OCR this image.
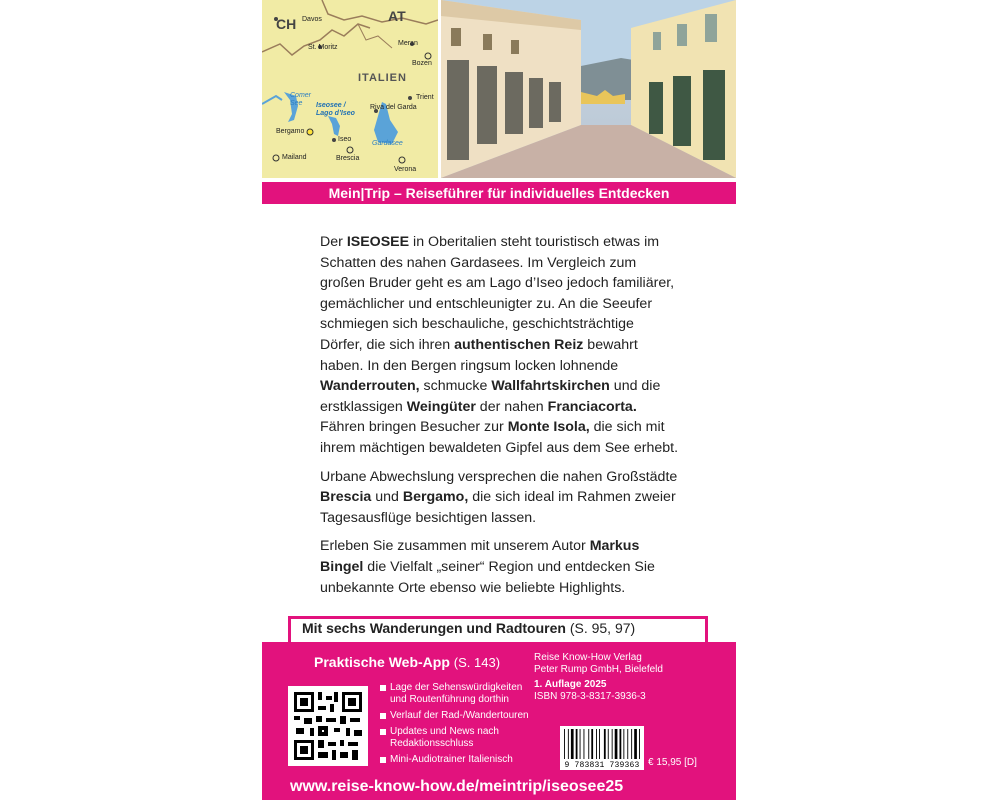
CH	AT
Davos
St. Moritz
Meran
Bozen
ITALIEN
Trient
Riva del Garda
Comer See	Iseosee /
Lago d’Iseo
Bergamo
Iseo
Gardasee
Brescia
Mailand
Verona
Mein|Trip – Reiseführer für individuelles Entdecken

Der ISEOSEE in Oberitalien steht touristisch etwas im Schatten des nahen Gardasees. Im Vergleich zum großen Bruder geht es am Lago d’Iseo jedoch familiärer, gemächlicher und entschleunigter zu. An die Seeufer schmiegen sich beschauliche, geschichtsträchtige Dörfer, die sich ihren authentischen Reiz bewahrt haben. In den Bergen ringsum locken lohnende Wanderrouten, schmucke Wallfahrtskirchen und die erstklassigen Weingüter der nahen Franciacorta. Fähren bringen Besucher zur Monte Isola, die sich mit ihrem mächtigen bewaldeten Gipfel aus dem See erhebt.

Urbane Abwechslung versprechen die nahen Großstädte Brescia und Bergamo, die sich ideal im Rahmen zweier Tagesausflüge besichtigen lassen.

Erleben Sie zusammen mit unserem Autor Markus Bingel die Vielfalt „seiner“ Region und entdecken Sie unbekannte Orte ebenso wie beliebte Highlights.

Mit sechs Wanderungen und Radtouren (S. 95, 97)
Praktische Web-App (S. 143)
Lage der Sehenswürdigkeiten und Routenführung dorthin
Verlauf der Rad-/Wandertouren
Updates und News nach Redaktionsschluss
Mini-Audiotrainer Italienisch
Reise Know-How Verlag
Peter Rump GmbH, Bielefeld
1. Auflage 2025
ISBN 978-3-8317-3936-3
9 783831 739363 € 15,95 [D]
www.reise-know-how.de/meintrip/iseosee25
